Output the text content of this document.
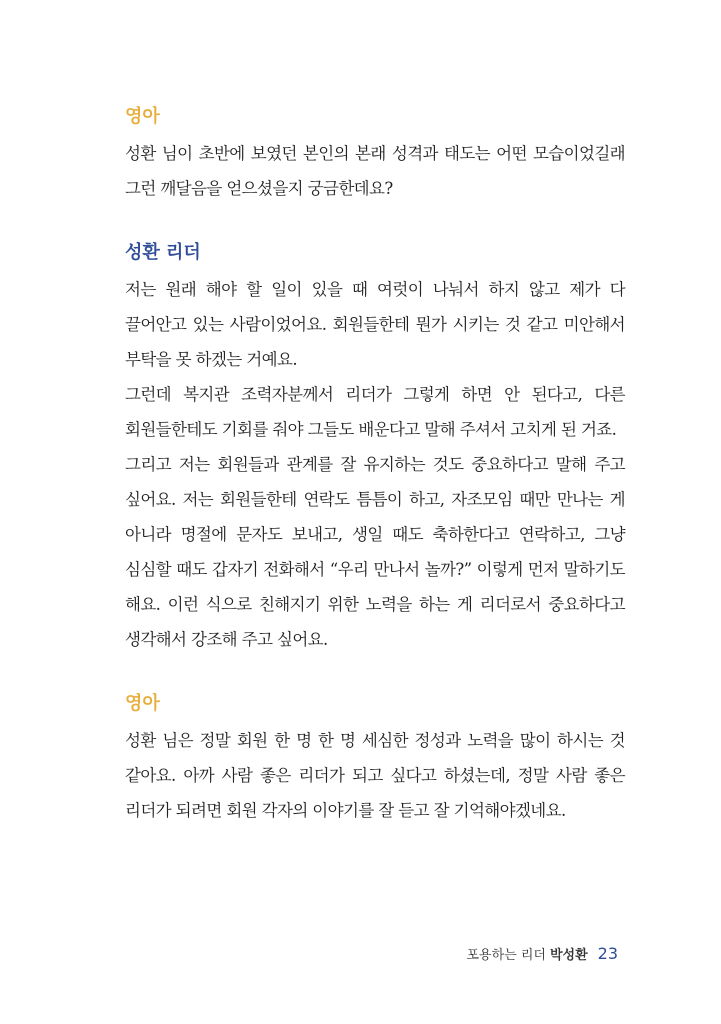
영아

성환 님이 초반에 보였던 본인의 본래 성격과 태도는 어떤 모습이었길래 그런 깨달음을 얻으셨을지 궁금한데요?

성환 리더

저는 원래 해야 할 일이 있을 때 여럿이 나눠서 하지 않고 제가 다 끌어안고 있는 사람이었어요. 회원들한테 뭔가 시키는 것 같고 미안해서 부탁을 못 하겠는 거예요.

그런데 복지관 조력자분께서 리더가 그렇게 하면 안 된다고, 다른 회원들한테도 기회를 줘야 그들도 배운다고 말해 주셔서 고치게 된 거죠.

그리고 저는 회원들과 관계를 잘 유지하는 것도 중요하다고 말해 주고 싶어요. 저는 회원들한테 연락도 틈틈이 하고, 자조모임 때만 만나는 게 아니라 명절에 문자도 보내고, 생일 때도 축하한다고 연락하고, 그냥 심심할 때도 갑자기 전화해서 “우리 만나서 놀까?” 이렇게 먼저 말하기도 해요. 이런 식으로 친해지기 위한 노력을 하는 게 리더로서 중요하다고 생각해서 강조해 주고 싶어요.

영아

성환 님은 정말 회원 한 명 한 명 세심한 정성과 노력을 많이 하시는 것 같아요. 아까 사람 좋은 리더가 되고 싶다고 하셨는데, 정말 사람 좋은 리더가 되려면 회원 각자의 이야기를 잘 듣고 잘 기억해야겠네요.

포용하는 리더 박성환 23
